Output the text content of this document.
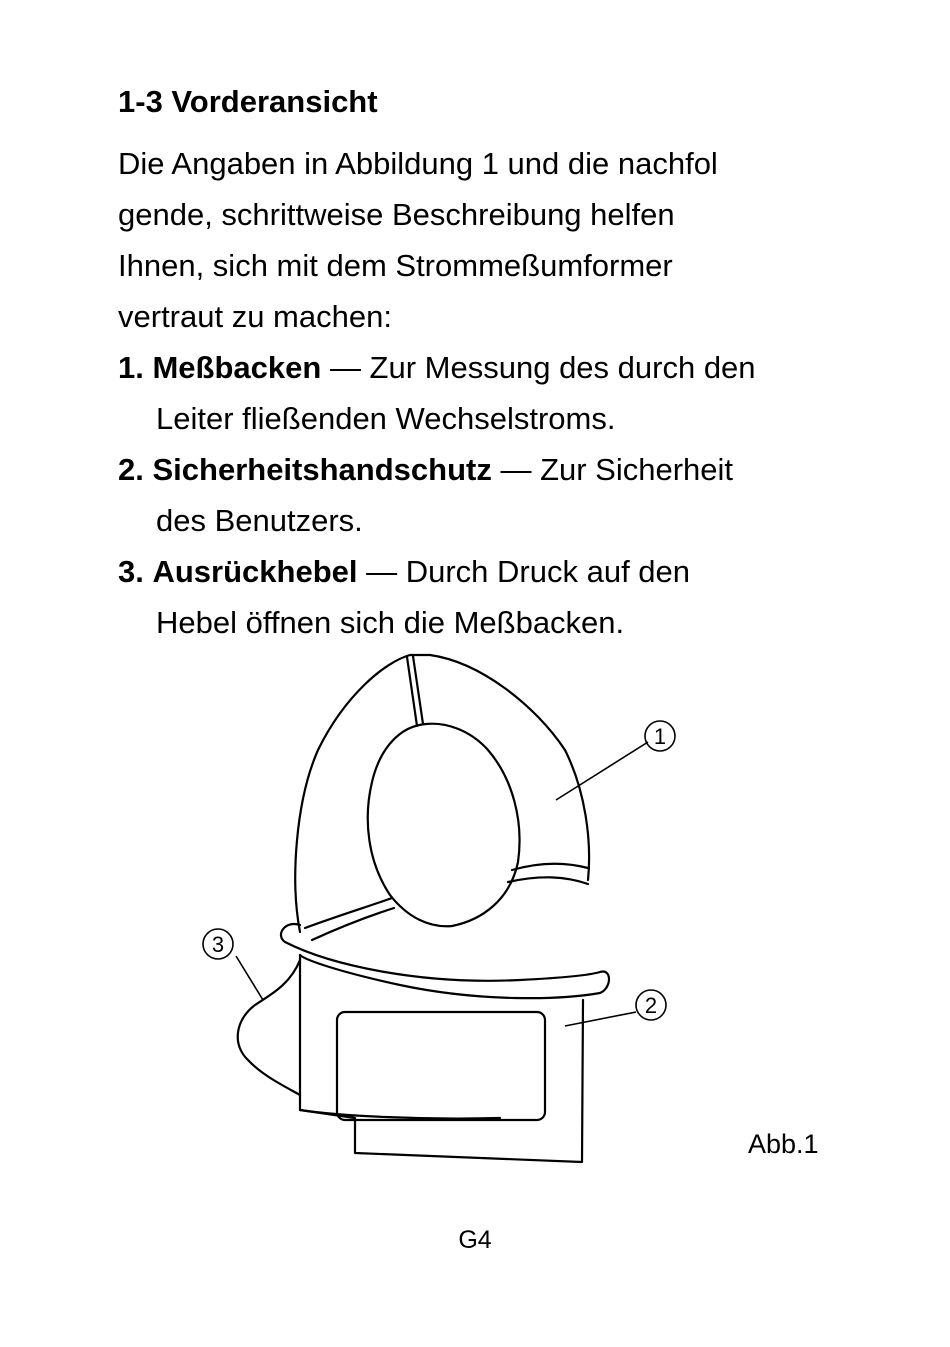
1-3 Vorderansicht

Die Angaben in Abbildung 1 und die nachfol
gende, schrittweise Beschreibung helfen
Ihnen, sich mit dem Strommeßumformer
vertraut zu machen:

1. Meßbacken — Zur Messung des durch den
Leiter fließenden Wechselstroms.
2. Sicherheitshandschutz — Zur Sicherheit
des Benutzers.
3. Ausrückhebel — Durch Druck auf den
Hebel öffnen sich die Meßbacken.
1
2
3
Abb.1
G4
